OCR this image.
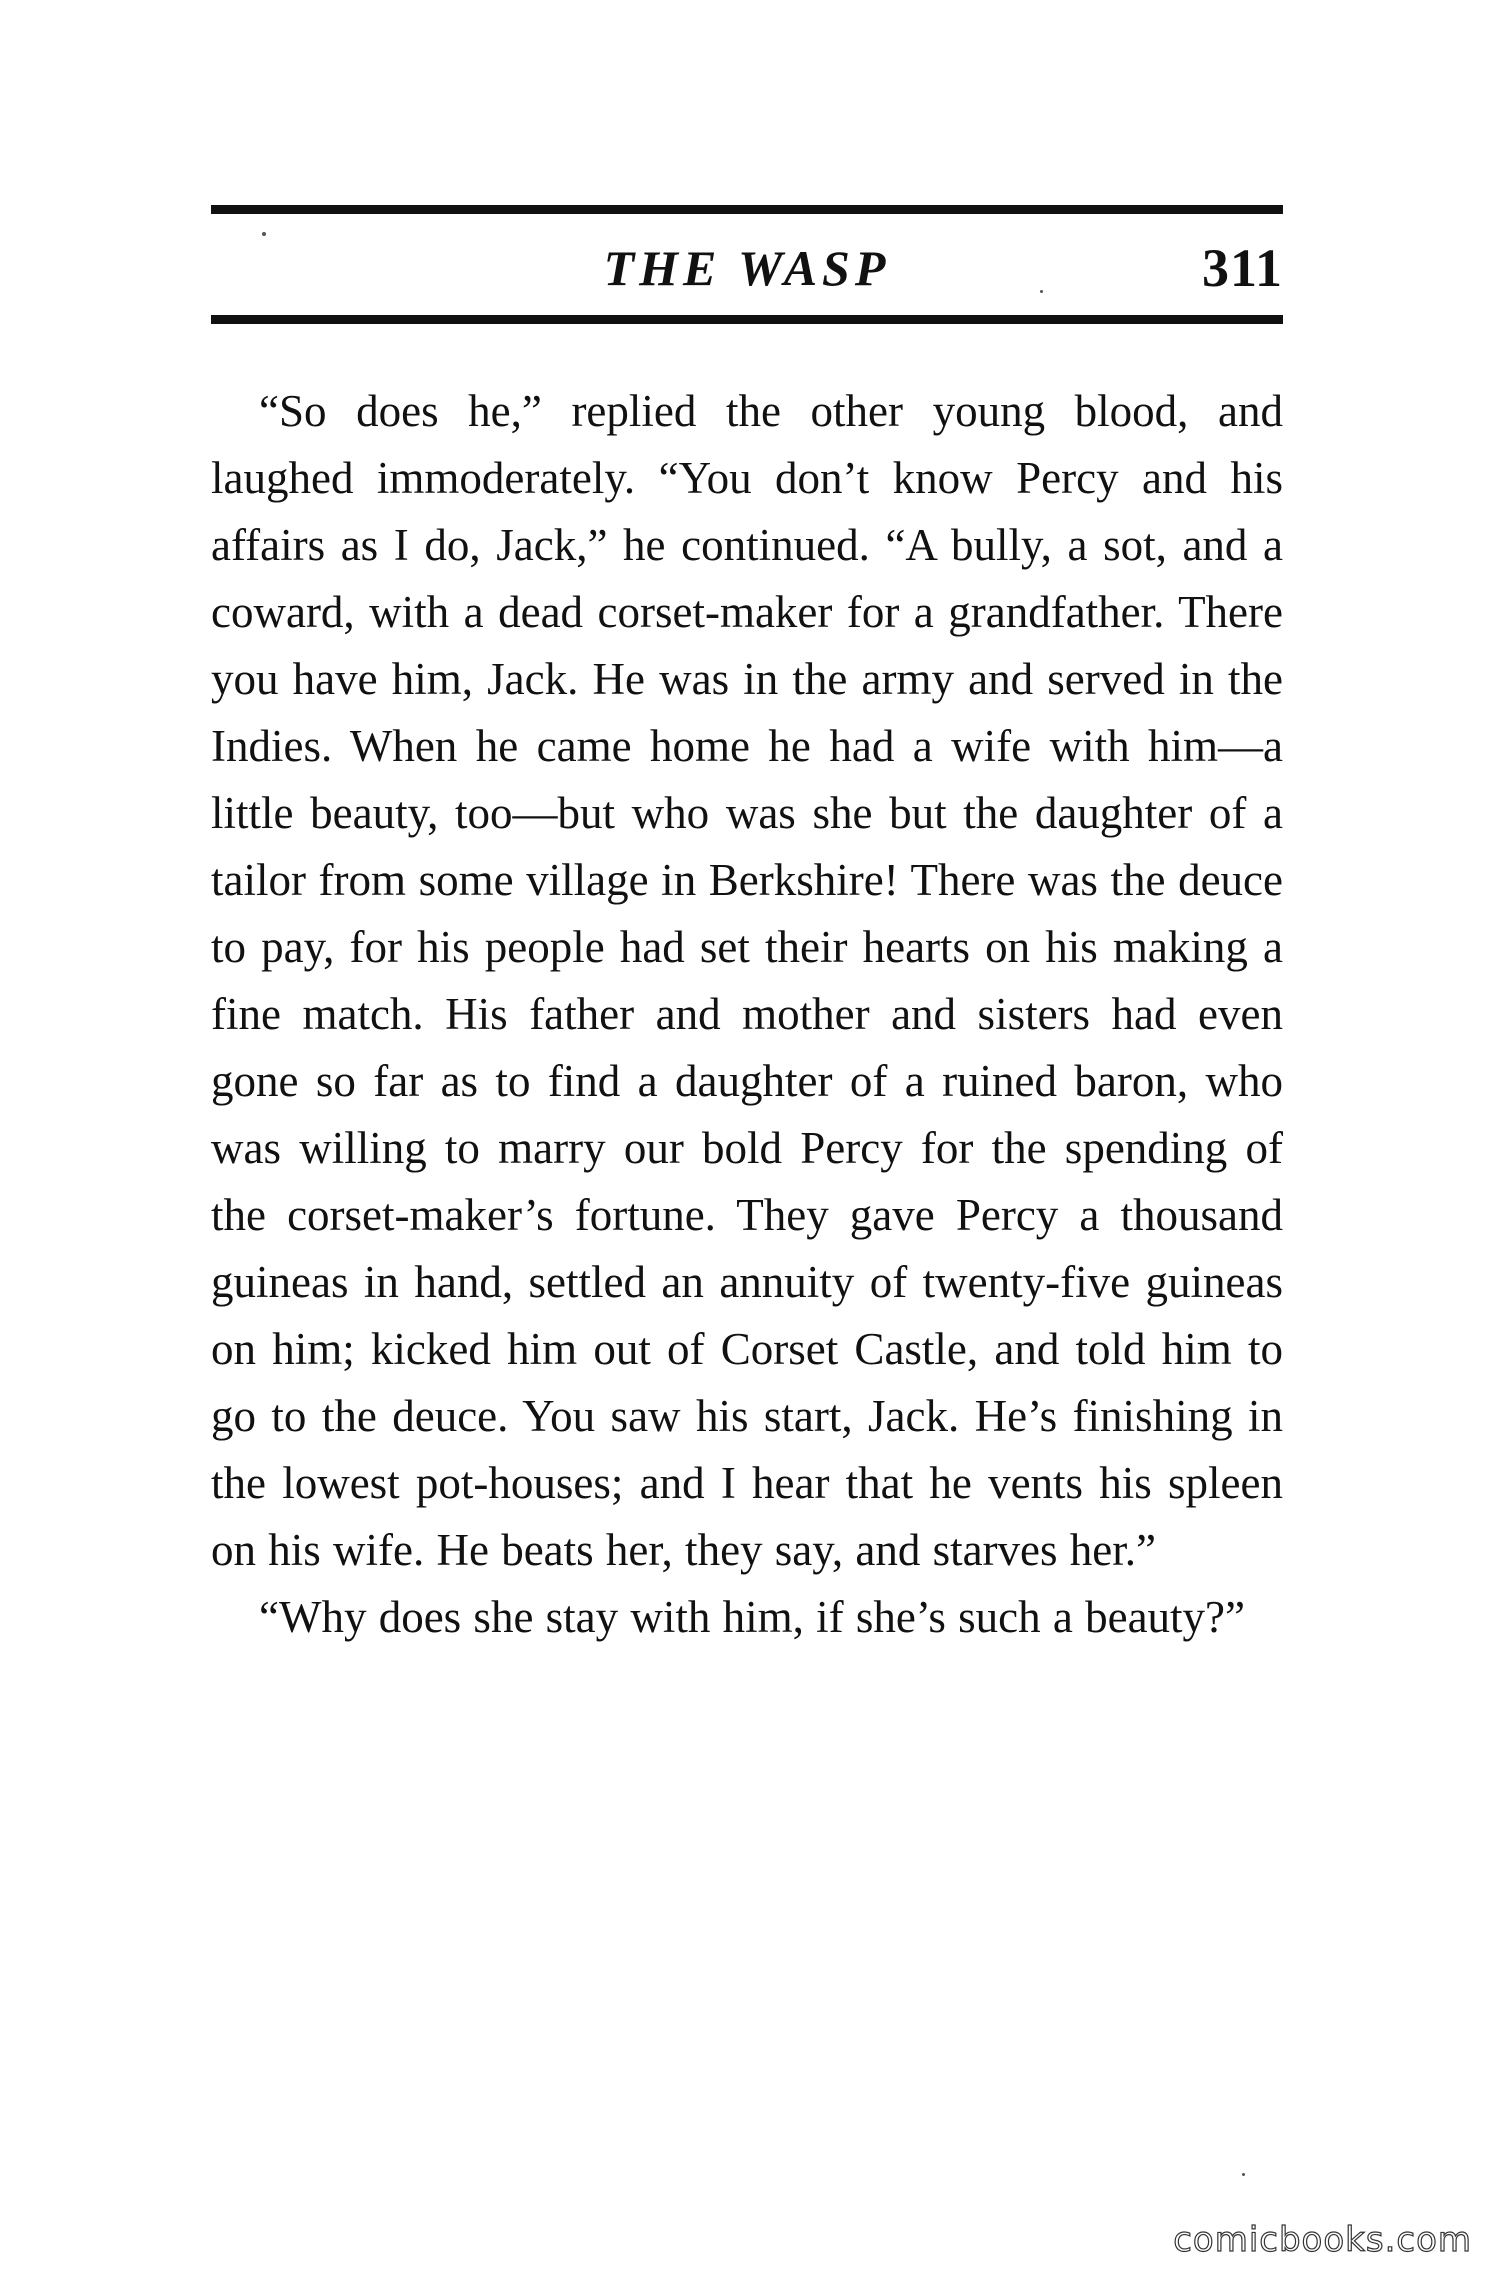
THE WASP	311

“So does he,” replied the other young blood, and laughed immoderately. “You don’t know Percy and his affairs as I do, Jack,” he continued. “A bully, a sot, and a coward, with a dead corset-maker for a grandfather. There you have him, Jack. He was in the army and served in the Indies. When he came home he had a wife with him—a little beauty, too—but who was she but the daughter of a tailor from some village in Berkshire! There was the deuce to pay, for his people had set their hearts on his making a fine match. His father and mother and sisters had even gone so far as to find a daughter of a ruined baron, who was willing to marry our bold Percy for the spending of the corset-maker’s fortune. They gave Percy a thousand guineas in hand, settled an annuity of twenty-five guineas on him; kicked him out of Corset Castle, and told him to go to the deuce. You saw his start, Jack. He’s finishing in the lowest pot-houses; and I hear that he vents his spleen on his wife. He beats her, they say, and starves her.”

“Why does she stay with him, if she’s such a beauty?”

comicbooks.com
